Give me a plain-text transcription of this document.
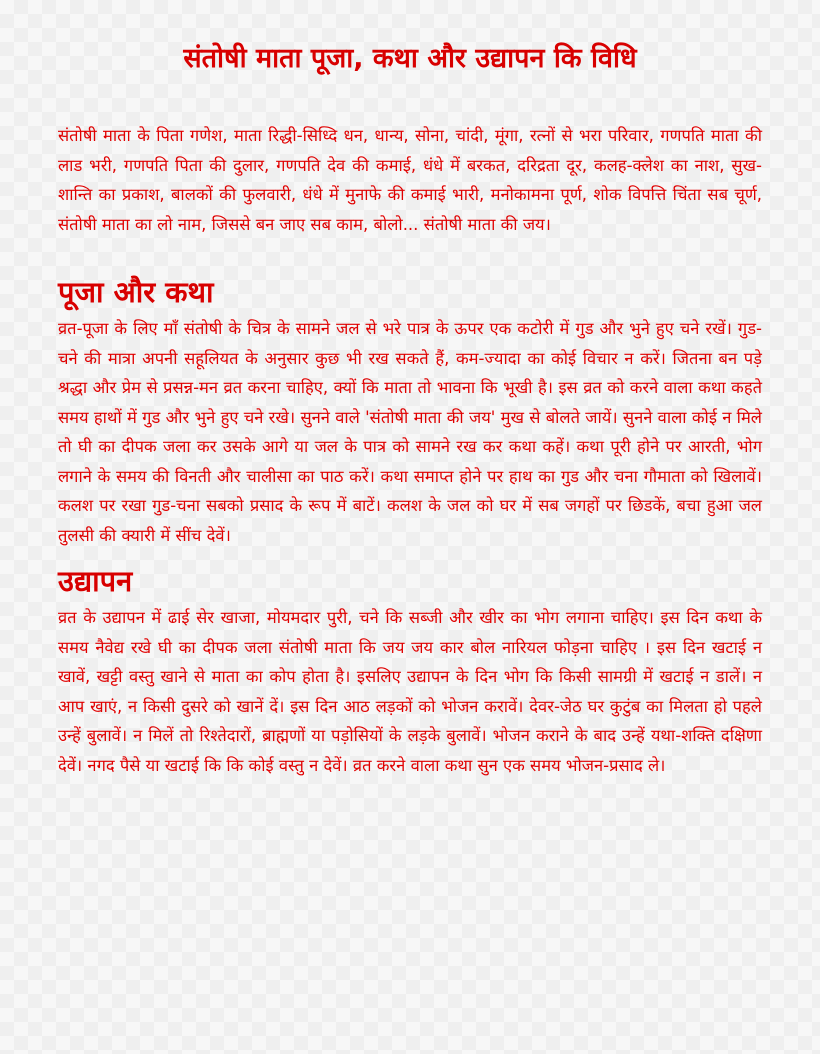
संतोषी माता पूजा, कथा और उद्यापन कि विधि

संतोषी माता के पिता गणेश, माता रिद्धी-सिध्दि धन, धान्य, सोना, चांदी, मूंगा, रत्नों से भरा परिवार, गणपति माता की लाड भरी, गणपति पिता की दुलार, गणपति देव की कमाई, धंधे में बरकत, दरिद्रता दूर, कलह-क्लेश का नाश, सुख-शान्ति का प्रकाश, बालकों की फुलवारी, धंधे में मुनाफे की कमाई भारी, मनोकामना पूर्ण, शोक विपत्ति चिंता सब चूर्ण, संतोषी माता का लो नाम, जिससे बन जाए सब काम, बोलो... संतोषी माता की जय।

पूजा और कथा

व्रत-पूजा के लिए माँ संतोषी के चित्र के सामने जल से भरे पात्र के ऊपर एक कटोरी में गुड और भुने हुए चने रखें। गुड-चने की मात्रा अपनी सहूलियत के अनुसार कुछ भी रख सकते हैं, कम-ज्यादा का कोई विचार न करें। जितना बन पड़े श्रद्धा और प्रेम से प्रसन्न-मन व्रत करना चाहिए, क्यों कि माता तो भावना कि भूखी है। इस व्रत को करने वाला कथा कहते समय हाथों में गुड और भुने हुए चने रखे। सुनने वाले 'संतोषी माता की जय' मुख से बोलते जायें। सुनने वाला कोई न मिले तो घी का दीपक जला कर उसके आगे या जल के पात्र को सामने रख कर कथा कहें। कथा पूरी होने पर आरती, भोग लगाने के समय की विनती और चालीसा का पाठ करें। कथा समाप्त होने पर हाथ का गुड और चना गौमाता को खिलावें। कलश पर रखा गुड-चना सबको प्रसाद के रूप में बाटें। कलश के जल को घर में सब जगहों पर छिडकें, बचा हुआ जल तुलसी की क्यारी में सींच देवें।

उद्यापन

व्रत के उद्यापन में ढाई सेर खाजा, मोयमदार पुरी, चने कि सब्जी और खीर का भोग लगाना चाहिए। इस दिन कथा के समय नैवेद्य रखे घी का दीपक जला संतोषी माता कि जय जय कार बोल नारियल फोड़ना चाहिए । इस दिन खटाई न खावें, खट्टी वस्तु खाने से माता का कोप होता है। इसलिए उद्यापन के दिन भोग कि किसी सामग्री में खटाई न डालें। न आप खाएं, न किसी दुसरे को खानें दें। इस दिन आठ लड़कों को भोजन करावें। देवर-जेठ घर कुटुंब का मिलता हो पहले उन्हें बुलावें। न मिलें तो रिश्तेदारों, ब्राह्मणों या पड़ोसियों के लड़के बुलावें। भोजन कराने के बाद उन्हें यथा-शक्ति दक्षिणा देवें। नगद पैसे या खटाई कि कि कोई वस्तु न देवें। व्रत करने वाला कथा सुन एक समय भोजन-प्रसाद ले।
